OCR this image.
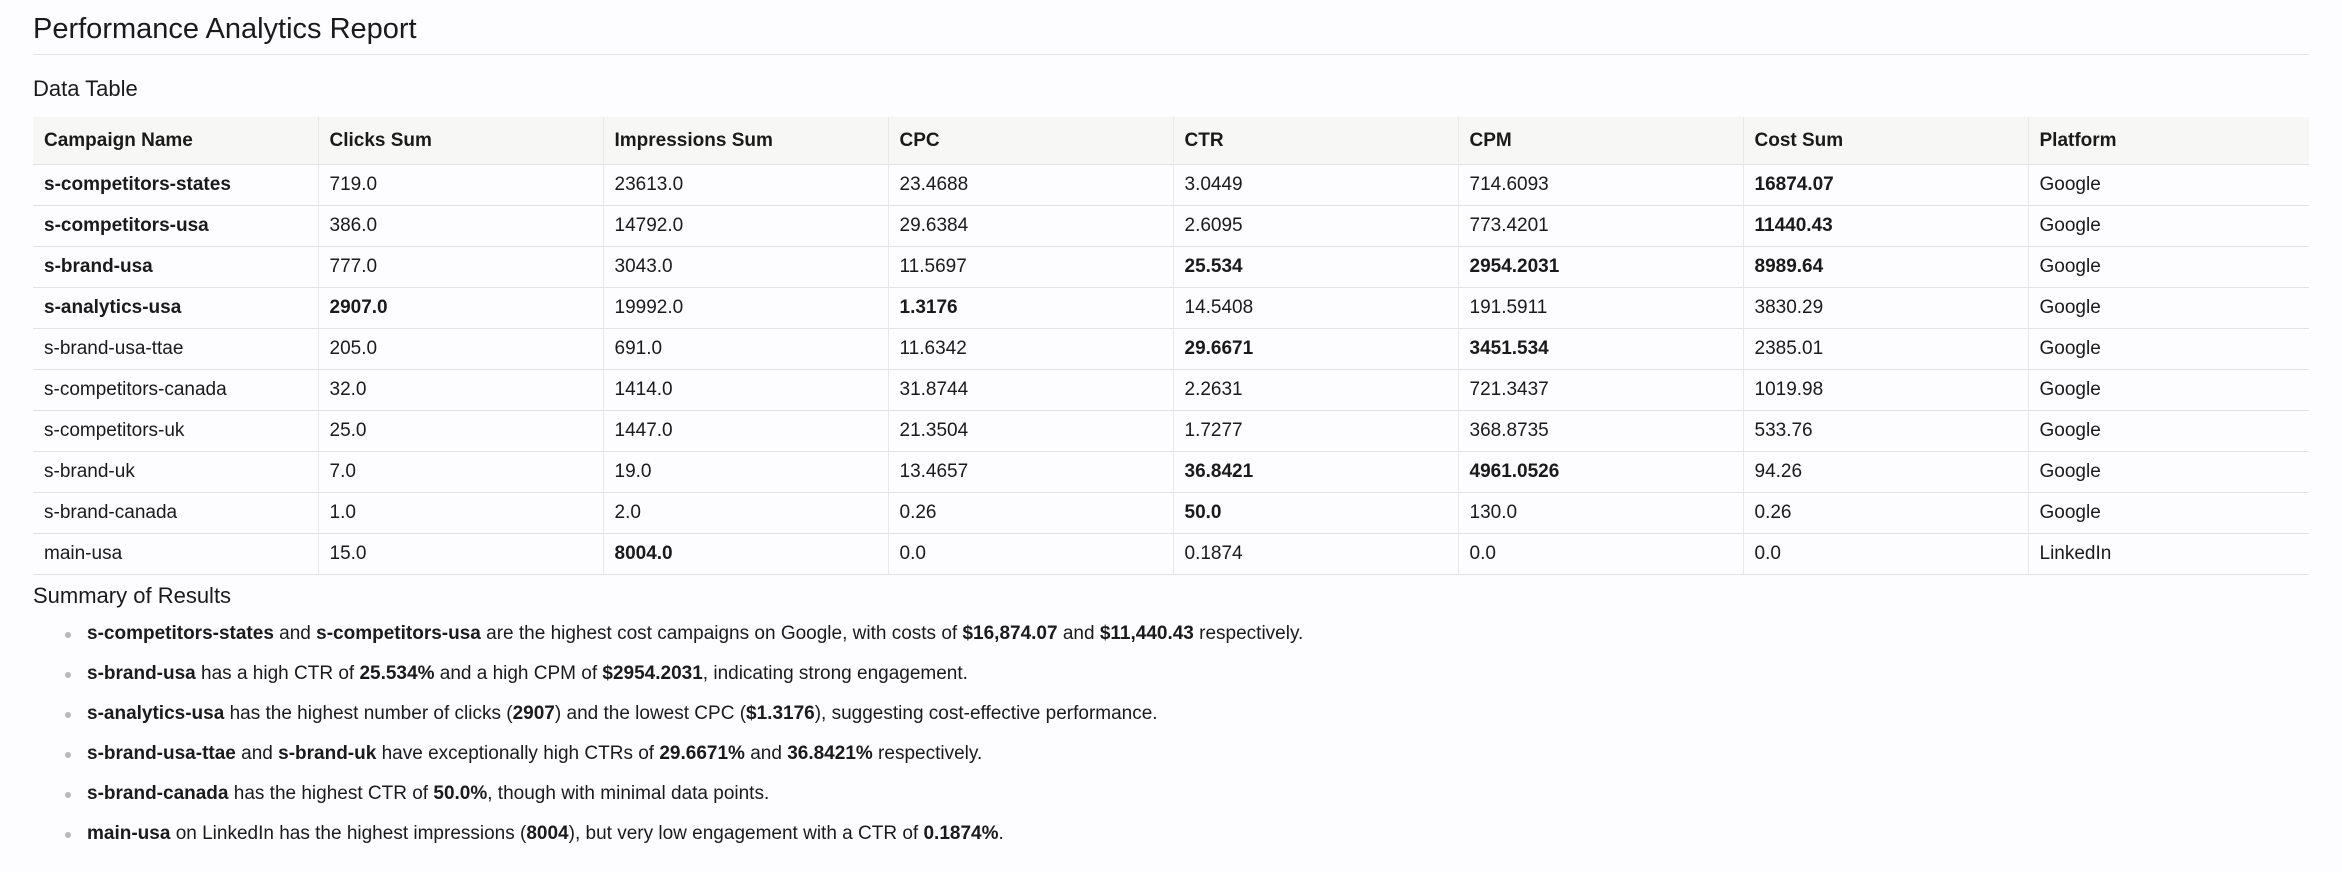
Performance Analytics Report
Data Table
Campaign Name	Clicks Sum	Impressions Sum	CPC	CTR	CPM	Cost Sum	Platform
s-competitors-states	719.0	23613.0	23.4688	3.0449	714.6093	16874.07	Google
s-competitors-usa	386.0	14792.0	29.6384	2.6095	773.4201	11440.43	Google
s-brand-usa	777.0	3043.0	11.5697	25.534	2954.2031	8989.64	Google
s-analytics-usa	2907.0	19992.0	1.3176	14.5408	191.5911	3830.29	Google
s-brand-usa-ttae	205.0	691.0	11.6342	29.6671	3451.534	2385.01	Google
s-competitors-canada	32.0	1414.0	31.8744	2.2631	721.3437	1019.98	Google
s-competitors-uk	25.0	1447.0	21.3504	1.7277	368.8735	533.76	Google
s-brand-uk	7.0	19.0	13.4657	36.8421	4961.0526	94.26	Google
s-brand-canada	1.0	2.0	0.26	50.0	130.0	0.26	Google
main-usa	15.0	8004.0	0.0	0.1874	0.0	0.0	LinkedIn
Summary of Results
s-competitors-states and s-competitors-usa are the highest cost campaigns on Google, with costs of $16,874.07 and $11,440.43 respectively.
s-brand-usa has a high CTR of 25.534% and a high CPM of $2954.2031, indicating strong engagement.
s-analytics-usa has the highest number of clicks (2907) and the lowest CPC ($1.3176), suggesting cost-effective performance.
s-brand-usa-ttae and s-brand-uk have exceptionally high CTRs of 29.6671% and 36.8421% respectively.
s-brand-canada has the highest CTR of 50.0%, though with minimal data points.
main-usa on LinkedIn has the highest impressions (8004), but very low engagement with a CTR of 0.1874%.
